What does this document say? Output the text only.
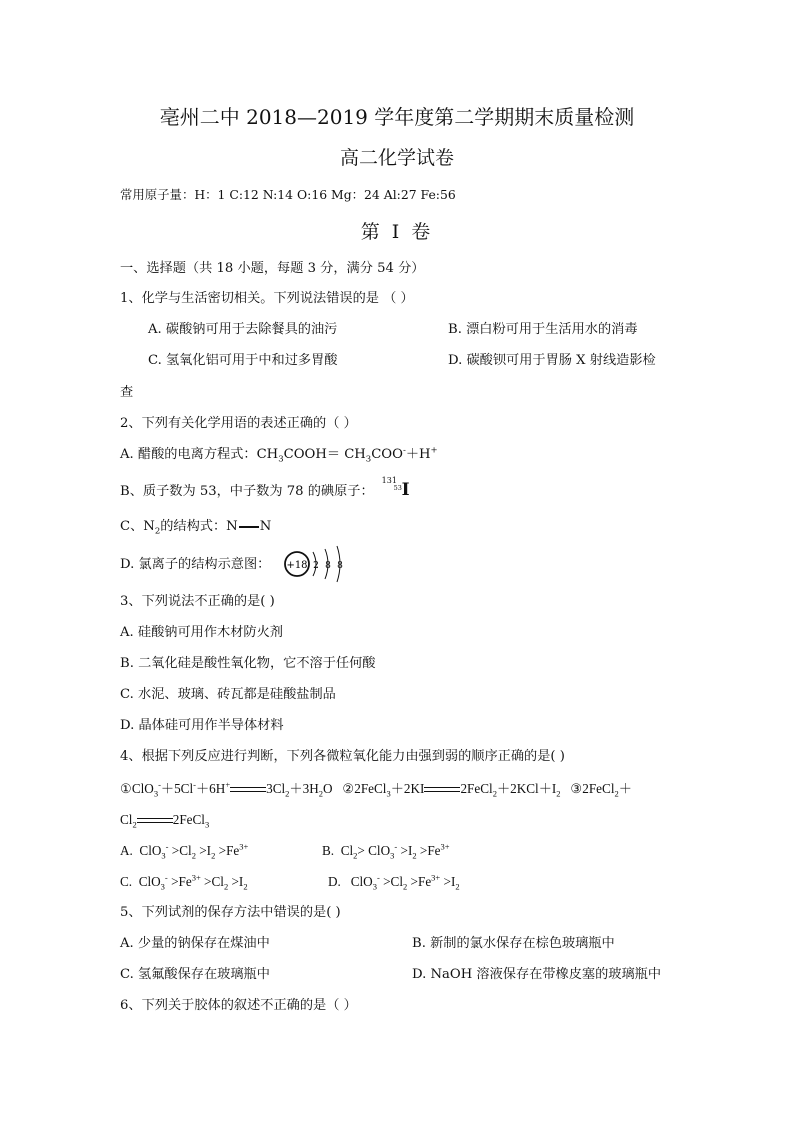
亳州二中 2018—2019 学年度第二学期期末质量检测
高二化学试卷
常用原子量：H：1 C:12 N:14 O:16 Mg：24 Al:27 Fe:56
第 Ⅰ 卷
一、选择题（共 18 小题，每题 3 分，满分 54 分）
1、化学与生活密切相关。下列说法错误的是 （ ）
A. 碳酸钠可用于去除餐具的油污	B. 漂白粉可用于生活用水的消毒
C. 氢氧化铝可用于中和过多胃酸	D. 碳酸钡可用于胃肠 X 射线造影检
查
2、下列有关化学用语的表述正确的（ ）
A. 醋酸的电离方程式：$CH_3COOH= CH_3COO^-+H^+$
B、质子数为 53，中子数为 78 的碘原子：
131
53 I
C、$N_2$的结构式：N N
D. 氯离子的结构示意图： +18 2 8 8
3、下列说法不正确的是( )
A. 硅酸钠可用作木材防火剂
B. 二氧化硅是酸性氧化物，它不溶于任何酸
C. 水泥、玻璃、砖瓦都是硅酸盐制品
D. 晶体硅可用作半导体材料
4、根据下列反应进行判断，下列各微粒氧化能力由强到弱的顺序正确的是( )
①ClO$_3$-＋5Cl-＋6H+	$3Cl_2+3H_2O$   ②2FeCl$_3$＋2KI	$2FeCl_2+2KCl+I_2$ ③2FeCl$_2$＋
$Cl_2$	2FeCl$_3$
A.  $ClO_3^- >Cl_2 >I_2 >Fe^{3+}$	B.  $Cl_2> ClO_3^- >I_2 >Fe^{3+}$
C.  $ClO_3^- >Fe^{3+} >Cl_2 >I_2$	D.   $ClO_3^- >Cl_2 >Fe^{3+} >I_2$
5、下列试剂的保存方法中错误的是( )
A. 少量的钠保存在煤油中	B. 新制的氯水保存在棕色玻璃瓶中
C. 氢氟酸保存在玻璃瓶中	D. NaOH 溶液保存在带橡皮塞的玻璃瓶中
6、下列关于胶体的叙述不正确的是（ ）
